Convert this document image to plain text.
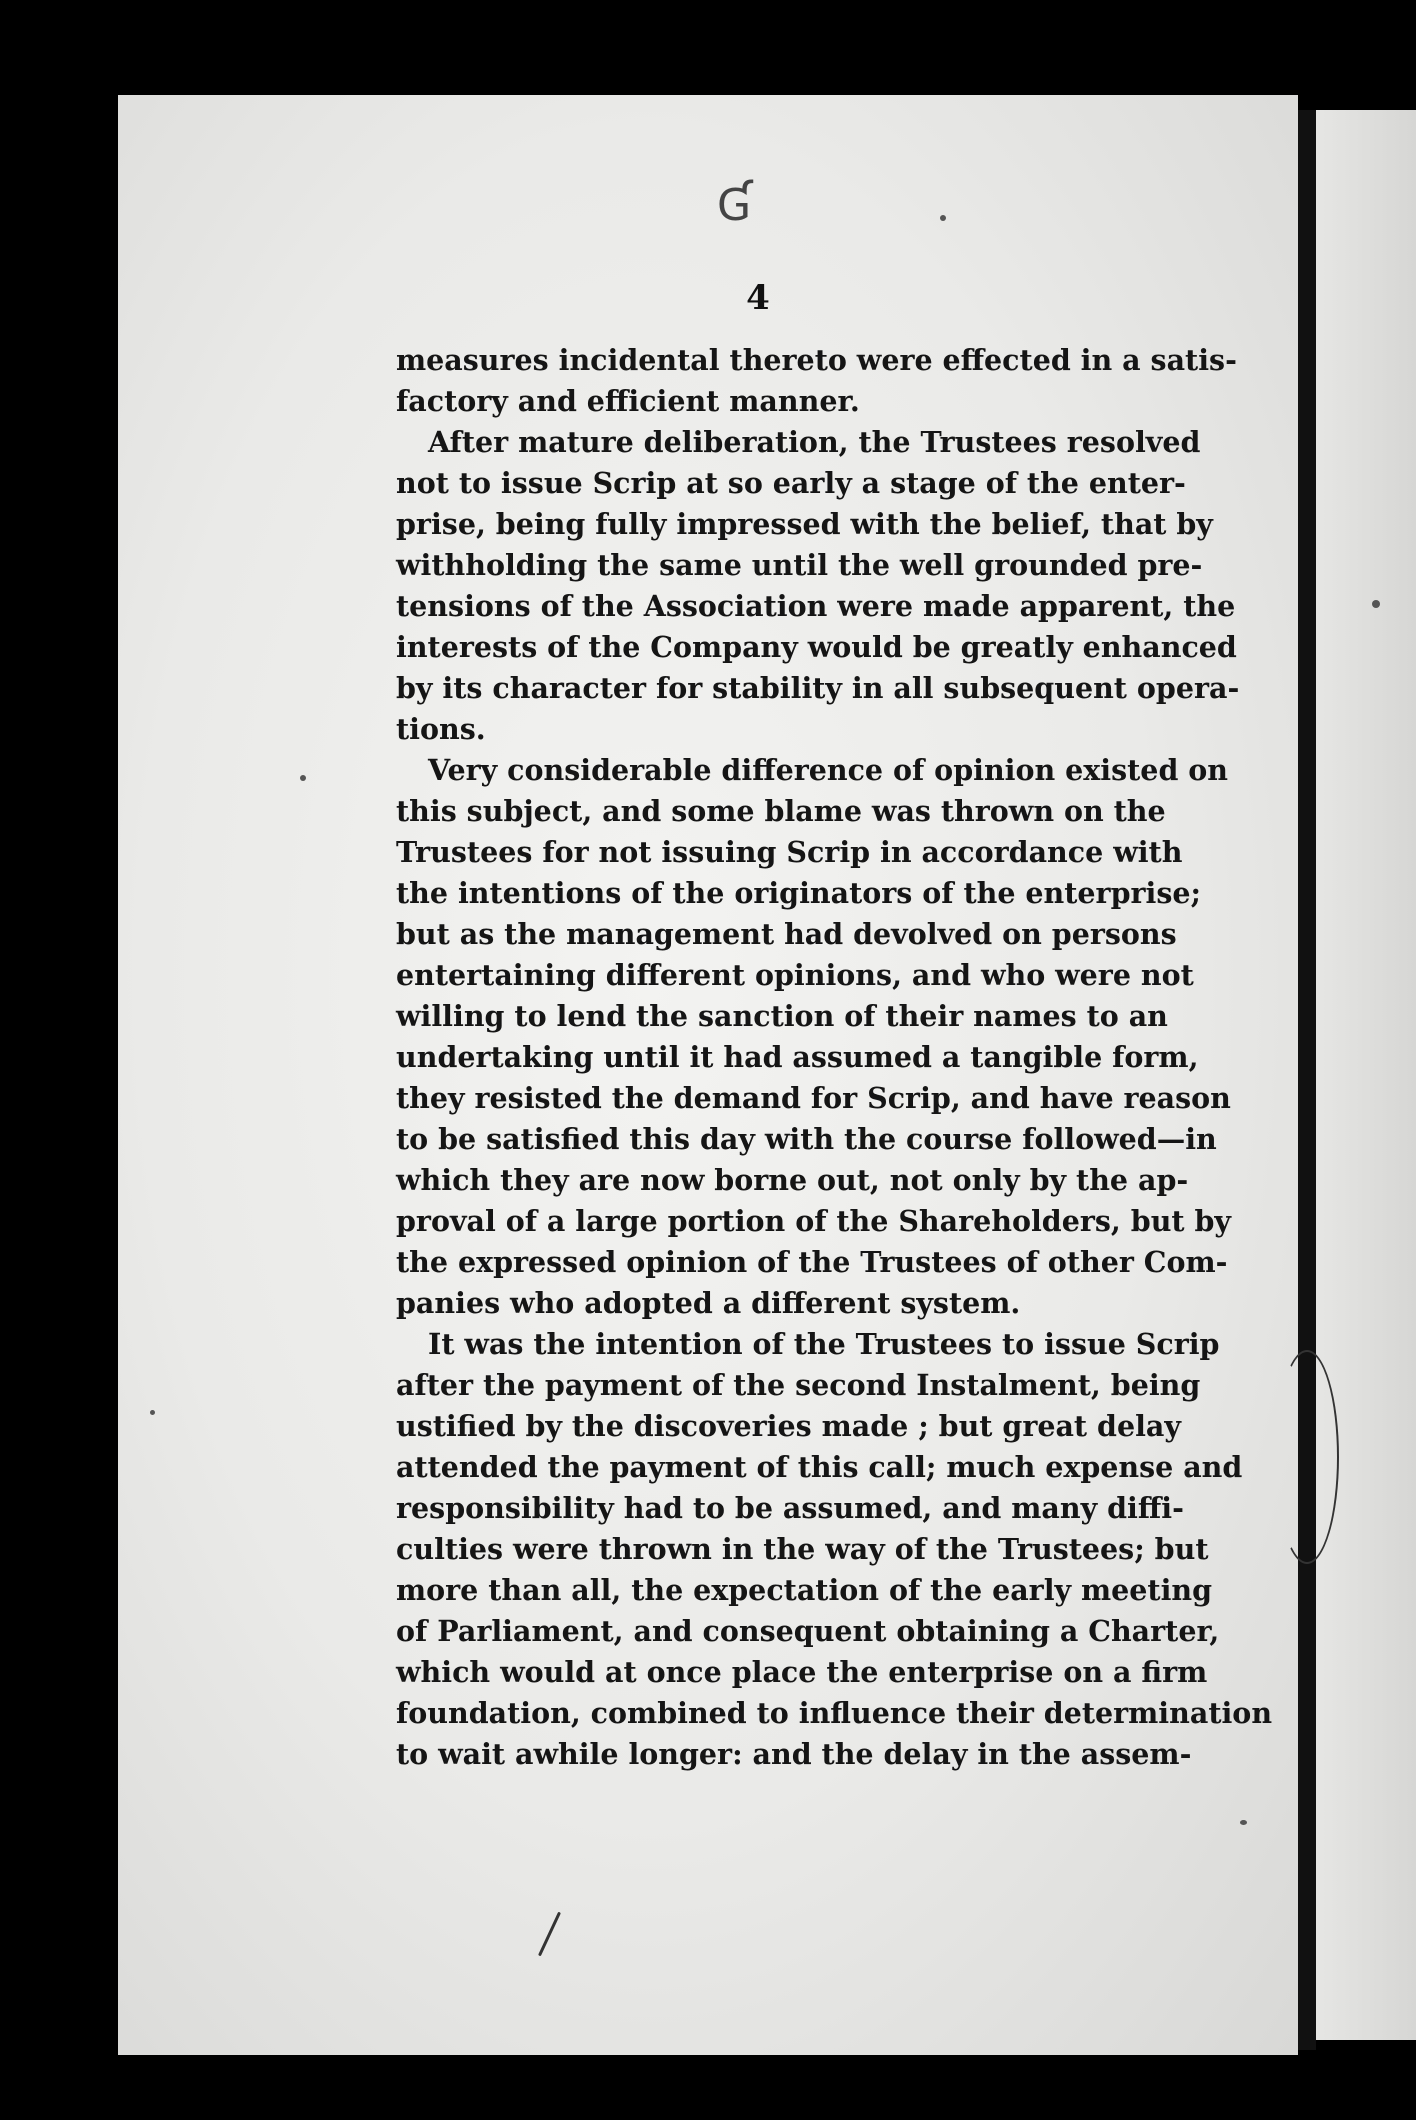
Ɠ
4
measures incidental thereto were effected in a satis-
factory and efficient manner.
After mature deliberation, the Trustees resolved
not to issue Scrip at so early a stage of the enter-
prise, being fully impressed with the belief, that by
withholding the same until the well grounded pre-
tensions of the Association were made apparent, the
interests of the Company would be greatly enhanced
by its character for stability in all subsequent opera-
tions.
Very considerable difference of opinion existed on
this subject, and some blame was thrown on the
Trustees for not issuing Scrip in accordance with
the intentions of the originators of the enterprise;
but as the management had devolved on persons
entertaining different opinions, and who were not
willing to lend the sanction of their names to an
undertaking until it had assumed a tangible form,
they resisted the demand for Scrip, and have reason
to be satisfied this day with the course followed—in
which they are now borne out, not only by the ap-
proval of a large portion of the Shareholders, but by
the expressed opinion of the Trustees of other Com-
panies who adopted a different system.
It was the intention of the Trustees to issue Scrip
after the payment of the second Instalment, being
ustified by the discoveries made ; but great delay
attended the payment of this call; much expense and
responsibility had to be assumed, and many diffi-
culties were thrown in the way of the Trustees; but
more than all, the expectation of the early meeting
of Parliament, and consequent obtaining a Charter,
which would at once place the enterprise on a firm
foundation, combined to influence their determination
to wait awhile longer: and the delay in the assem-
